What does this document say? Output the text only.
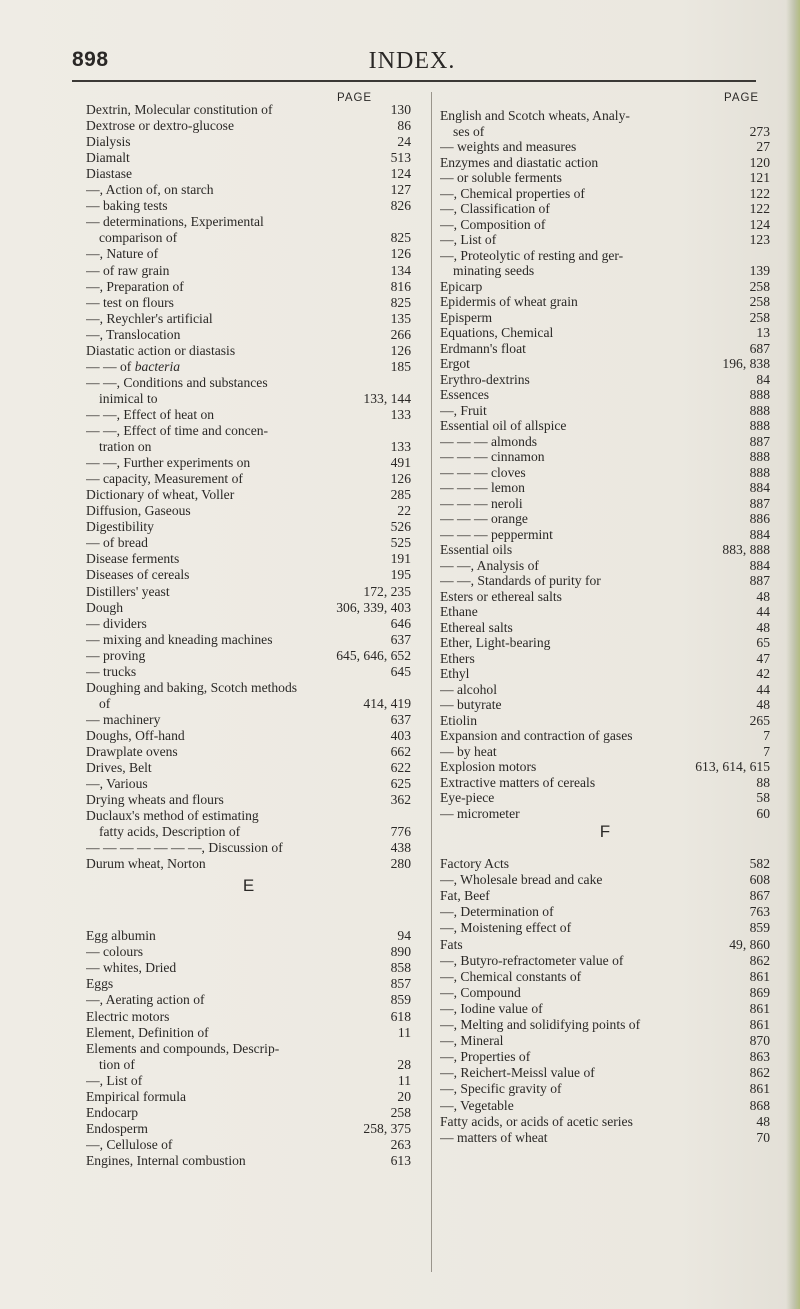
898	INDEX.
PAGE
Dextrin, Molecular constitution of	130
Dextrose or dextro-glucose	86
Dialysis	24
Diamalt	513
Diastase	124
—, Action of, on starch	127
— baking tests	826
— determinations, Experimental
comparison of	825
—, Nature of	126
— of raw grain	134
—, Preparation of	816
— test on flours	825
—, Reychler's artificial	135
—, Translocation	266
Diastatic action or diastasis	126
— — of bacteria	185
— —, Conditions and substances
inimical to	133, 144
— —, Effect of heat on	133
— —, Effect of time and concen-
tration on	133
— —, Further experiments on	491
— capacity, Measurement of	126
Dictionary of wheat, Voller	285
Diffusion, Gaseous	22
Digestibility	526
— of bread	525
Disease ferments	191
Diseases of cereals	195
Distillers' yeast	172, 235
Dough	306, 339, 403
— dividers	646
— mixing and kneading machines	637
— proving	645, 646, 652
— trucks	645
Doughing and baking, Scotch methods
of	414, 419
— machinery	637
Doughs, Off-hand	403
Drawplate ovens	662
Drives, Belt	622
—, Various	625
Drying wheats and flours	362
Duclaux's method of estimating
fatty acids, Description of	776
— — — — — — —, Discussion of	438
Durum wheat, Norton	280
E
Egg albumin	94
— colours	890
— whites, Dried	858
Eggs	857
—, Aerating action of	859
Electric motors	618
Element, Definition of	11
Elements and compounds, Descrip-
tion of	28
—, List of	11
Empirical formula	20
Endocarp	258
Endosperm	258, 375
—, Cellulose of	263
Engines, Internal combustion	613
PAGE
English and Scotch wheats, Analy-
ses of	273
— weights and measures	27
Enzymes and diastatic action	120
— or soluble ferments	121
—, Chemical properties of	122
—, Classification of	122
—, Composition of	124
—, List of	123
—, Proteolytic of resting and ger-
minating seeds	139
Epicarp	258
Epidermis of wheat grain	258
Episperm	258
Equations, Chemical	13
Erdmann's float	687
Ergot	196, 838
Erythro-dextrins	84
Essences	888
—, Fruit	888
Essential oil of allspice	888
— — — almonds	887
— — — cinnamon	888
— — — cloves	888
— — — lemon	884
— — — neroli	887
— — — orange	886
— — — peppermint	884
Essential oils	883, 888
— —, Analysis of	884
— —, Standards of purity for	887
Esters or ethereal salts	48
Ethane	44
Ethereal salts	48
Ether, Light-bearing	65
Ethers	47
Ethyl	42
— alcohol	44
— butyrate	48
Etiolin	265
Expansion and contraction of gases	7
— by heat	7
Explosion motors	613, 614, 615
Extractive matters of cereals	88
Eye-piece	58
— micrometer	60
F
Factory Acts	582
—, Wholesale bread and cake	608
Fat, Beef	867
—, Determination of	763
—, Moistening effect of	859
Fats	49, 860
—, Butyro-refractometer value of	862
—, Chemical constants of	861
—, Compound	869
—, Iodine value of	861
—, Melting and solidifying points of	861
—, Mineral	870
—, Properties of	863
—, Reichert-Meissl value of	862
—, Specific gravity of	861
—, Vegetable	868
Fatty acids, or acids of acetic series	48
— matters of wheat	70
